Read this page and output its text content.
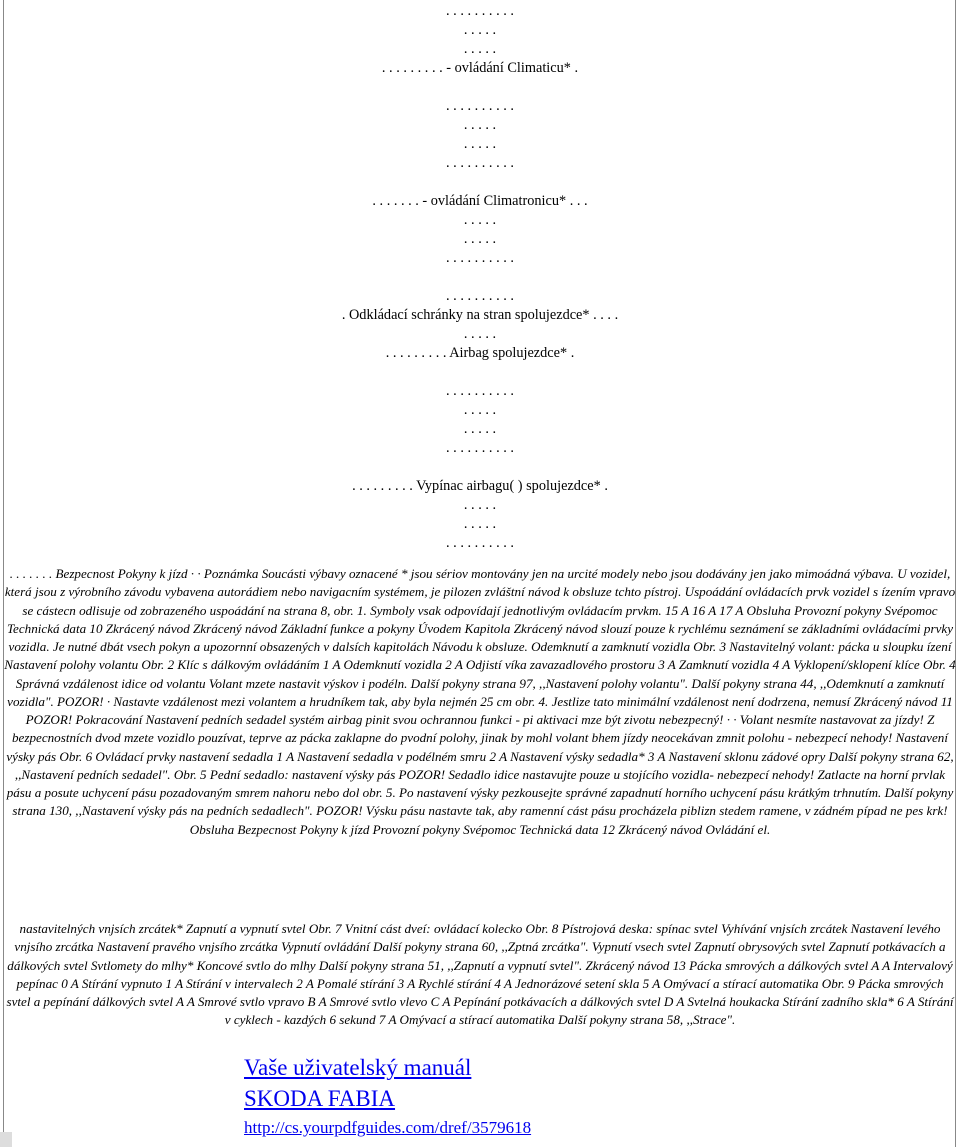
. . . . . . . . . .
. . . . .
. . . . .
. . . . . . . . . - ovládání Climaticu* .
. . . . . . . . . .
. . . . .
. . . . .
. . . . . . . . . .
. . . . . . . - ovládání Climatronicu* . . .
. . . . .
. . . . .
. . . . . . . . . .
. . . . . . . . . .
. Odkládací schránky na stran spolujezdce* . . . .
. . . . .
. . . . . . . . . Airbag spolujezdce* .
. . . . . . . . . .
. . . . .
. . . . .
. . . . . . . . . .
. . . . . . . . . Vypínac airbagu( ) spolujezdce* .
. . . . .
. . . . .
. . . . . . . . . .

. . . . . . . Bezpecnost Pokyny k jízd · · Poznámka Soucásti výbavy oznacené * jsou sériov montovány jen na urcité modely nebo jsou dodávány jen jako mimoádná výbava. U vozidel, která jsou z výrobního závodu vybavena autorádiem nebo navigacním systémem, je pilozen zvláštní návod k obsluze tchto pístroj. Uspoádání ovládacích prvk vozidel s ízením vpravo se cástecn odlisuje od zobrazeného uspoádání na strana 8, obr. 1. Symboly vsak odpovídají jednotlivým ovládacím prvkm. 15 A 16 A 17 A Obsluha Provozní pokyny Svépomoc Technická data 10 Zkrácený návod Zkrácený návod Základní funkce a pokyny Úvodem Kapitola Zkrácený návod slouzí pouze k rychlému seznámení se základními ovládacími prvky vozidla. Je nutné dbát vsech pokyn a upozornní obsazených v dalsích kapitolách Návodu k obsluze. Odemknutí a zamknutí vozidla Obr. 3 Nastavitelný volant: pácka u sloupku ízení Nastavení polohy volantu Obr. 2 Klíc s dálkovým ovládáním 1 A Odemknutí vozidla 2 A Odjistí víka zavazadlového prostoru 3 A Zamknutí vozidla 4 A Vyklopení/sklopení klíce Obr. 4 Správná vzdálenost idice od volantu Volant mzete nastavit výskov i podéln. Další pokyny strana 97, ,,Nastavení polohy volantu". Další pokyny strana 44, ,,Odemknutí a zamknutí vozidla". POZOR! · Nastavte vzdálenost mezi volantem a hrudníkem tak, aby byla nejmén 25 cm obr. 4. Jestlize tato minimální vzdálenost není dodrzena, nemusí Zkrácený návod 11 POZOR! Pokracování Nastavení pedních sedadel systém airbag pinit svou ochrannou funkci - pi aktivaci mze být zivotu nebezpecný! · · Volant nesmíte nastavovat za jízdy! Z bezpecnostních dvod mzete vozidlo pouzívat, teprve az pácka zaklapne do pvodní polohy, jinak by mohl volant bhem jízdy neocekávan zmnit polohu - nebezpecí nehody! Nastavení výsky pás Obr. 6 Ovládací prvky nastavení sedadla 1 A Nastavení sedadla v podélném smru 2 A Nastavení výsky sedadla* 3 A Nastavení sklonu zádové opry Další pokyny strana 62, ,,Nastavení pedních sedadel". Obr. 5 Pední sedadlo: nastavení výsky pás POZOR! Sedadlo idice nastavujte pouze u stojícího vozidla- nebezpecí nehody! Zatlacte na horní prvlak pásu a posute uchycení pásu pozadovaným smrem nahoru nebo dol obr. 5. Po nastavení výsky pezkousejte správné zapadnutí horního uchycení pásu krátkým trhnutím. Další pokyny strana 130, ,,Nastavení výsky pás na pedních sedadlech". POZOR! Výsku pásu nastavte tak, aby ramenní cást pásu procházela piblizn stedem ramene, v zádném pípad ne pes krk!

Obsluha Bezpecnost Pokyny k jízd Provozní pokyny Svépomoc Technická data 12 Zkrácený návod Ovládání el.

nastavitelných vnjsích zrcátek* Zapnutí a vypnutí svtel Obr. 7 Vnitní cást dveí: ovládací kolecko Obr. 8 Pístrojová deska: spínac svtel Vyhívání vnjsích zrcátek Nastavení levého vnjsího zrcátka Nastavení pravého vnjsího zrcátka Vypnutí ovládání Další pokyny strana 60, ,,Zptná zrcátka". Vypnutí vsech svtel Zapnutí obrysových svtel Zapnutí potkávacích a dálkových svtel Svtlomety do mlhy* Koncové svtlo do mlhy Další pokyny strana 51, ,,Zapnutí a vypnutí svtel". Zkrácený návod 13 Pácka smrových a dálkových svtel A A Intervalový pepínac 0 A Stírání vypnuto 1 A Stírání v intervalech 2 A Pomalé stírání 3 A Rychlé stírání 4 A Jednorázové setení skla 5 A Omývací a stírací automatika Obr. 9 Pácka smrových svtel a pepínání dálkových svtel A A Smrové svtlo vpravo B A Smrové svtlo vlevo C A Pepínání potkávacích a dálkových svtel D A Svtelná houkacka Stírání zadního skla* 6 A Stírání v cyklech - kazdých 6 sekund 7 A Omývací a stírací automatika Další pokyny strana 58, ,,Strace".

Vaše uživatelský manuál
SKODA FABIA
http://cs.yourpdfguides.com/dref/3579618
